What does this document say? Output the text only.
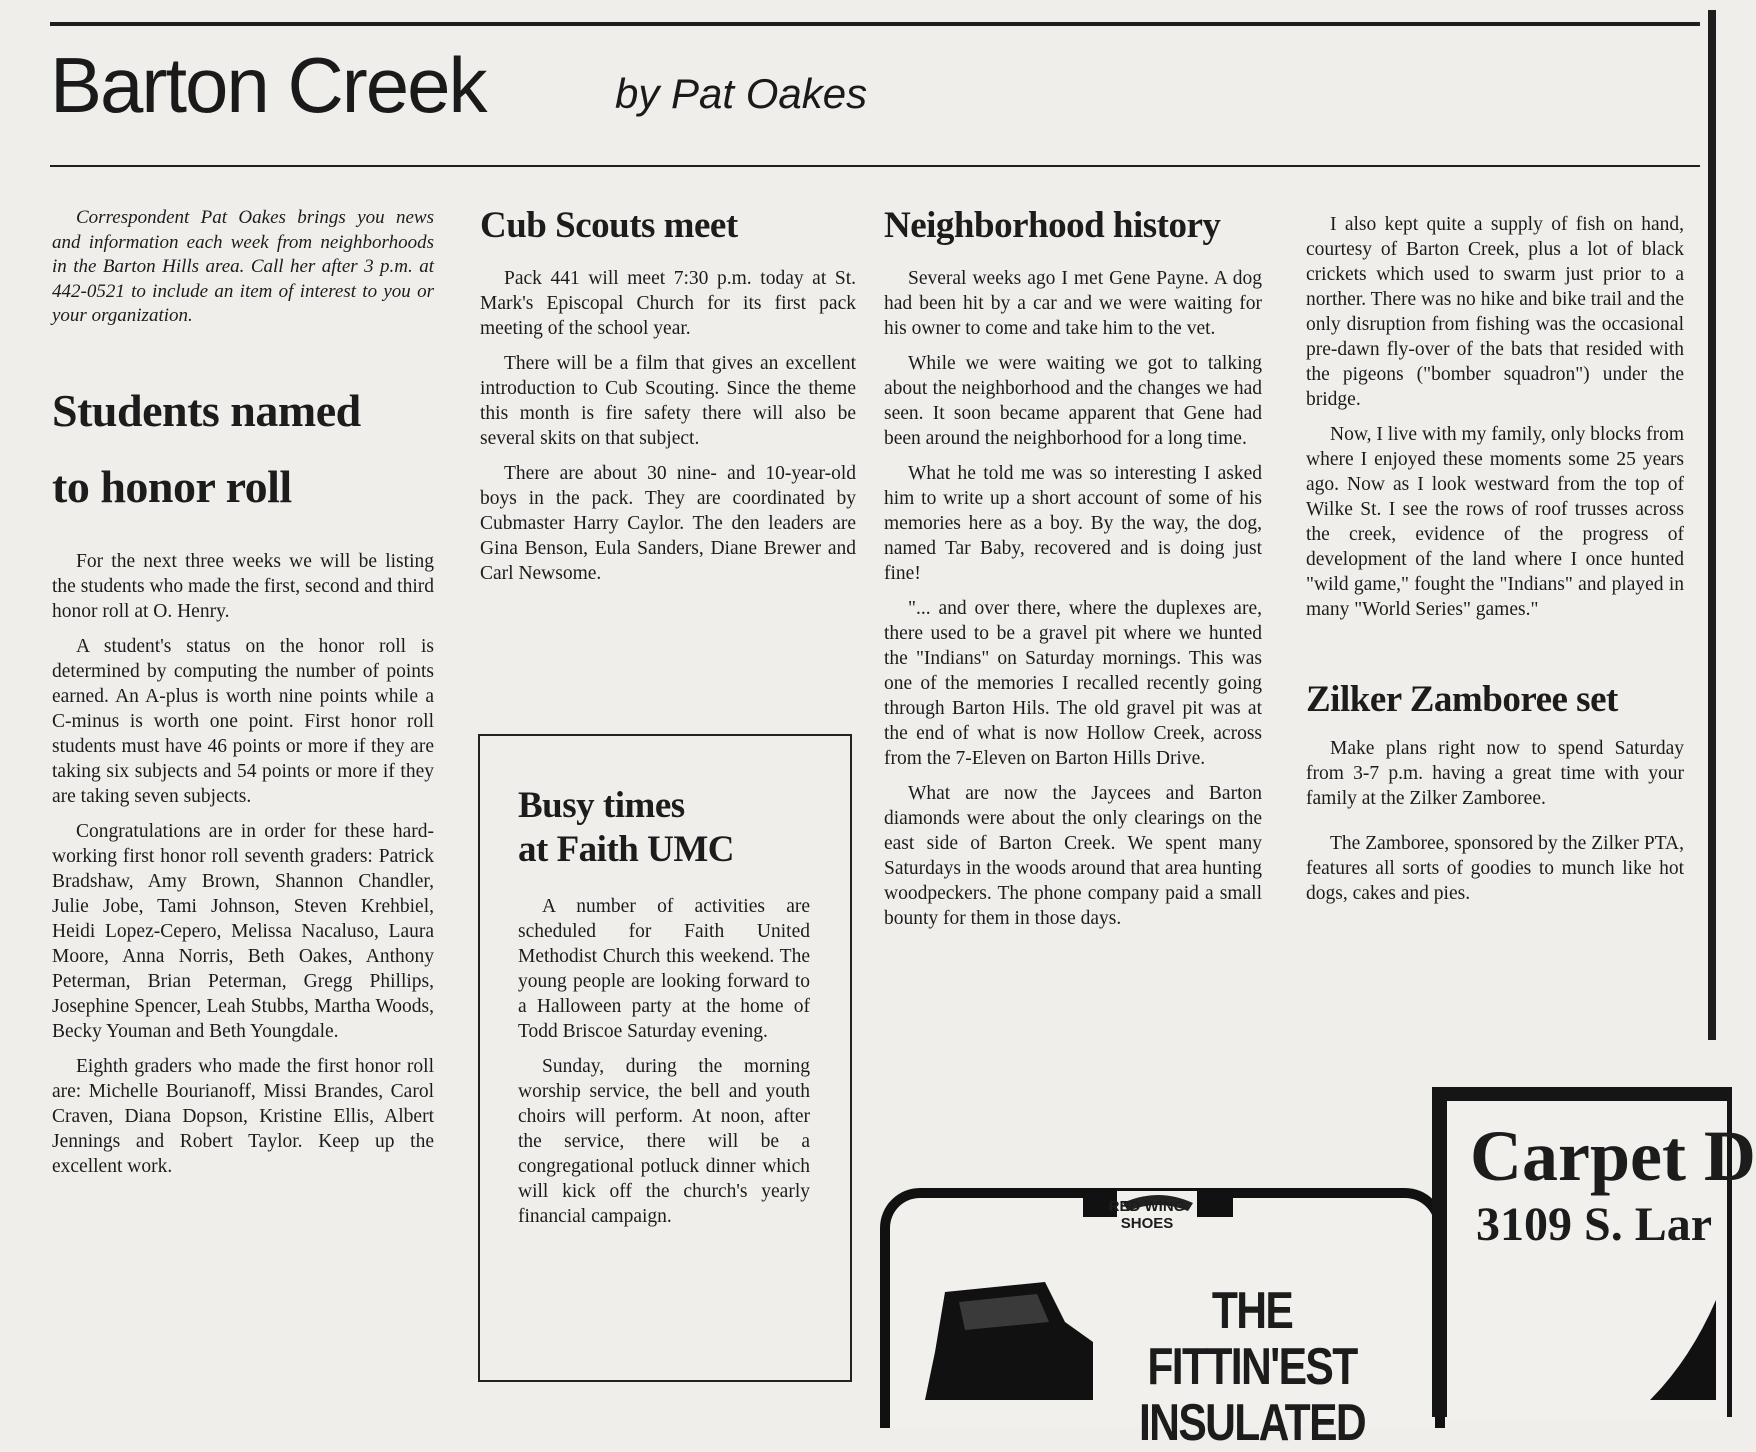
Barton Creek	by Pat Oakes

Correspondent Pat Oakes brings you news and information each week from neighborhoods in the Barton Hills area. Call her after 3 p.m. at 442-0521 to include an item of interest to you or your organization.

Students named
to honor roll

For the next three weeks we will be listing the students who made the first, second and third honor roll at O. Henry.

A student's status on the honor roll is determined by computing the number of points earned. An A-plus is worth nine points while a C-minus is worth one point. First honor roll students must have 46 points or more if they are taking six subjects and 54 points or more if they are taking seven subjects.

Congratulations are in order for these hard-working first honor roll seventh graders: Patrick Bradshaw, Amy Brown, Shannon Chandler, Julie Jobe, Tami Johnson, Steven Krehbiel, Heidi Lopez-Cepero, Melissa Nacaluso, Laura Moore, Anna Norris, Beth Oakes, Anthony Peterman, Brian Peterman, Gregg Phillips, Josephine Spencer, Leah Stubbs, Martha Woods, Becky Youman and Beth Youngdale.

Eighth graders who made the first honor roll are: Michelle Bourianoff, Missi Brandes, Carol Craven, Diana Dopson, Kristine Ellis, Albert Jennings and Robert Taylor. Keep up the excellent work.

Cub Scouts meet

Pack 441 will meet 7:30 p.m. today at St. Mark's Episcopal Church for its first pack meeting of the school year.

There will be a film that gives an excellent introduction to Cub Scouting. Since the theme this month is fire safety there will also be several skits on that subject.

There are about 30 nine- and 10-year-old boys in the pack. They are coordinated by Cubmaster Harry Caylor. The den leaders are Gina Benson, Eula Sanders, Diane Brewer and Carl Newsome.

Busy times
at Faith UMC

A number of activities are scheduled for Faith United Methodist Church this weekend. The young people are looking forward to a Halloween party at the home of Todd Briscoe Saturday evening.

Sunday, during the morning worship service, the bell and youth choirs will perform. At noon, after the service, there will be a congregational potluck dinner which will kick off the church's yearly financial campaign.

Neighborhood history

Several weeks ago I met Gene Payne. A dog had been hit by a car and we were waiting for his owner to come and take him to the vet.

While we were waiting we got to talking about the neighborhood and the changes we had seen. It soon became apparent that Gene had been around the neighborhood for a long time.

What he told me was so interesting I asked him to write up a short account of some of his memories here as a boy. By the way, the dog, named Tar Baby, recovered and is doing just fine!

"... and over there, where the duplexes are, there used to be a gravel pit where we hunted the "Indians" on Saturday mornings. This was one of the memories I recalled recently going through Barton Hils. The old gravel pit was at the end of what is now Hollow Creek, across from the 7-Eleven on Barton Hills Drive.

What are now the Jaycees and Barton diamonds were about the only clearings on the east side of Barton Creek. We spent many Saturdays in the woods around that area hunting woodpeckers. The phone company paid a small bounty for them in those days.

I also kept quite a supply of fish on hand, courtesy of Barton Creek, plus a lot of black crickets which used to swarm just prior to a norther. There was no hike and bike trail and the only disruption from fishing was the occasional pre-dawn fly-over of the bats that resided with the pigeons ("bomber squadron") under the bridge.

Now, I live with my family, only blocks from where I enjoyed these moments some 25 years ago. Now as I look westward from the top of Wilke St. I see the rows of roof trusses across the creek, evidence of the progress of development of the land where I once hunted "wild game," fought the "Indians" and played in many "World Series" games."

Zilker Zamboree set

Make plans right now to spend Saturday from 3-7 p.m. having a great time with your family at the Zilker Zamboree.

The Zamboree, sponsored by the Zilker PTA, features all sorts of goodies to munch like hot dogs, cakes and pies.

RED WING SHOES
THE FITTIN'EST
INSULATED
Carpet D
3109 S. Lar
